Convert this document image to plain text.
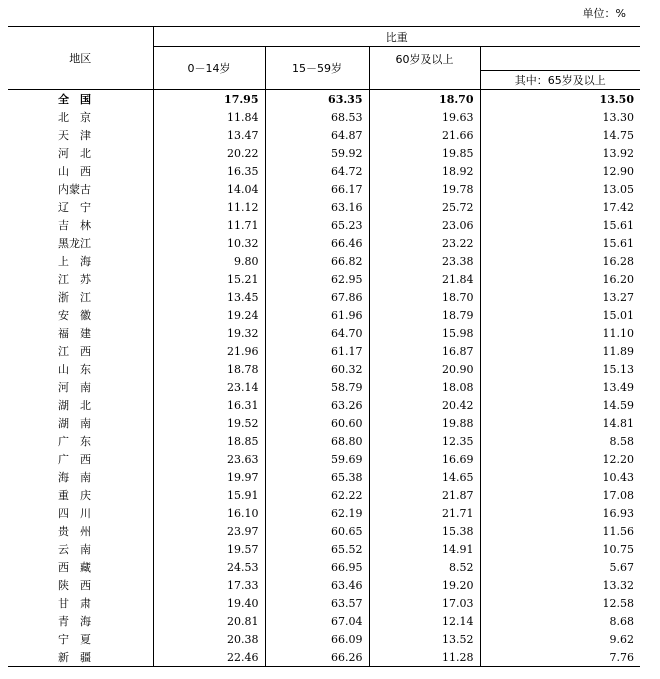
单位：%
地区	比重			
	0－14岁	15－59岁	60岁及以上	
				其中：65岁及以上
全　国	17.95	63.35	18.70	13.50
北　京	11.84	68.53	19.63	13.30
天　津	13.47	64.87	21.66	14.75
河　北	20.22	59.92	19.85	13.92
山　西	16.35	64.72	18.92	12.90
内蒙古	14.04	66.17	19.78	13.05
辽　宁	11.12	63.16	25.72	17.42
吉　林	11.71	65.23	23.06	15.61
黑龙江	10.32	66.46	23.22	15.61
上　海	9.80	66.82	23.38	16.28
江　苏	15.21	62.95	21.84	16.20
浙　江	13.45	67.86	18.70	13.27
安　徽	19.24	61.96	18.79	15.01
福　建	19.32	64.70	15.98	11.10
江　西	21.96	61.17	16.87	11.89
山　东	18.78	60.32	20.90	15.13
河　南	23.14	58.79	18.08	13.49
湖　北	16.31	63.26	20.42	14.59
湖　南	19.52	60.60	19.88	14.81
广　东	18.85	68.80	12.35	8.58
广　西	23.63	59.69	16.69	12.20
海　南	19.97	65.38	14.65	10.43
重　庆	15.91	62.22	21.87	17.08
四　川	16.10	62.19	21.71	16.93
贵　州	23.97	60.65	15.38	11.56
云　南	19.57	65.52	14.91	10.75
西　藏	24.53	66.95	8.52	5.67
陕　西	17.33	63.46	19.20	13.32
甘　肃	19.40	63.57	17.03	12.58
青　海	20.81	67.04	12.14	8.68
宁　夏	20.38	66.09	13.52	9.62
新　疆	22.46	66.26	11.28	7.76
